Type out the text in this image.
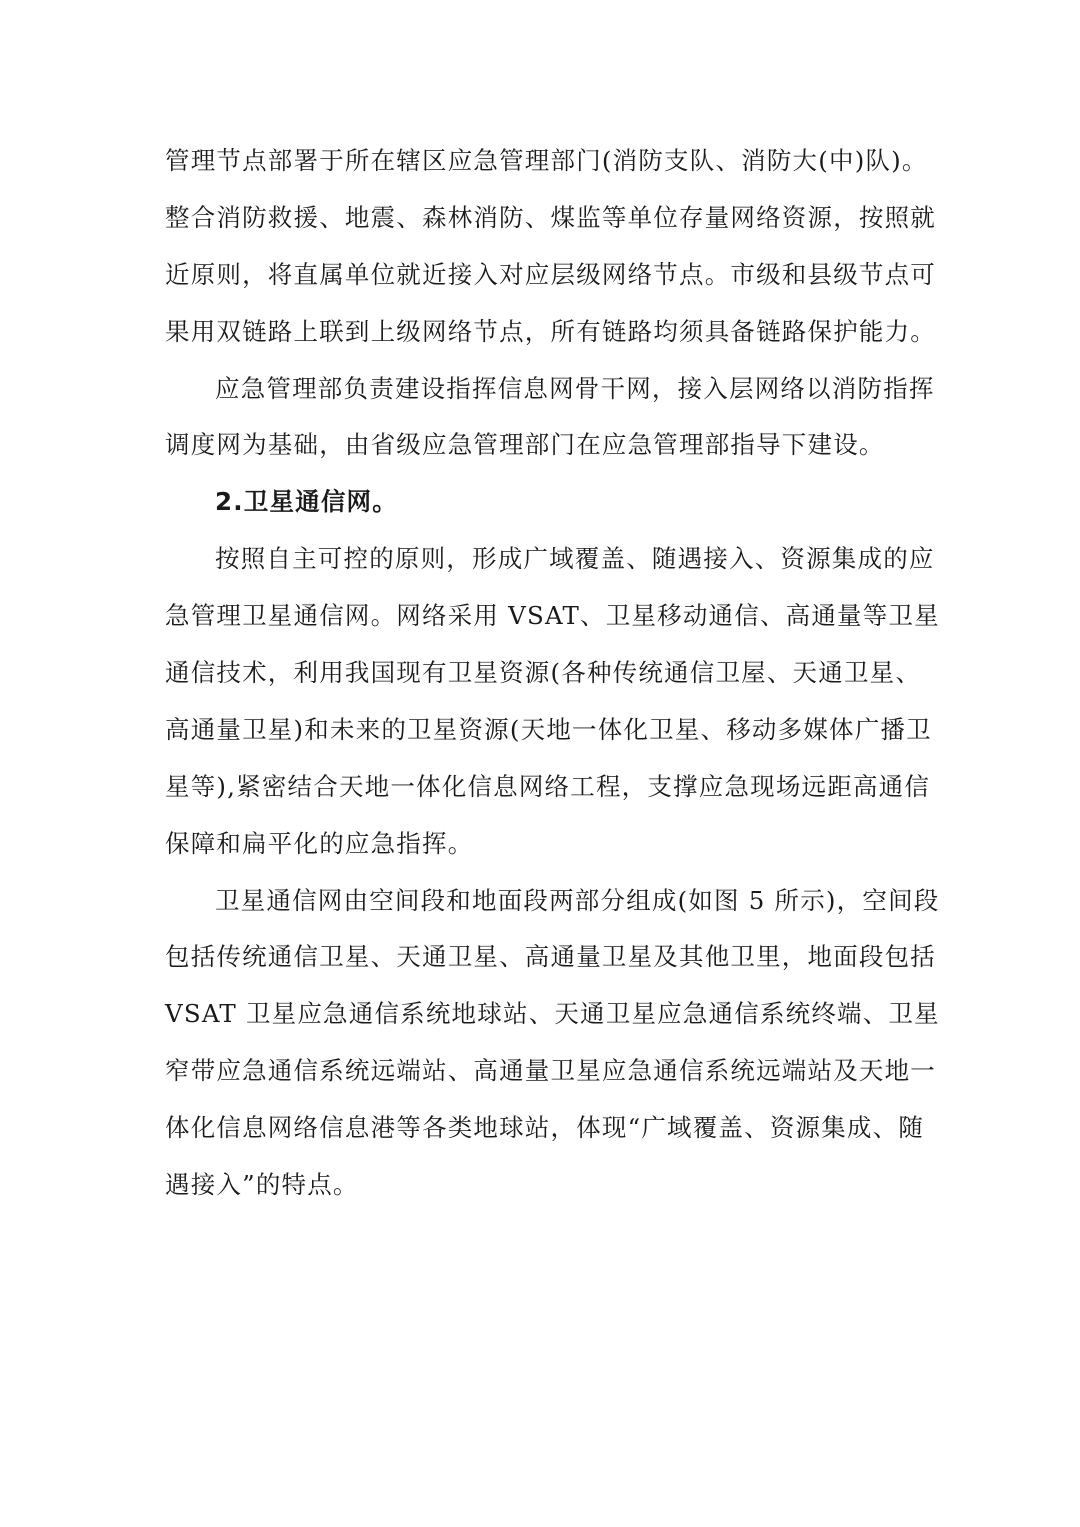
管理节点部署于所在辖区应急管理部门(消防支队、消防大(中)队)。
整合消防救援、地震、森林消防、煤监等单位存量网络资源，按照就
近原则，将直属单位就近接入对应层级网络节点。市级和县级节点可
果用双链路上联到上级网络节点，所有链路均须具备链路保护能力。
应急管理部负责建设指挥信息网骨干网，接入层网络以消防指挥
调度网为基础，由省级应急管理部门在应急管理部指导下建设。
2.卫星通信网。
按照自主可控的原则，形成广域覆盖、随遇接入、资源集成的应
急管理卫星通信网。网络采用 VSAT、卫星移动通信、高通量等卫星
通信技术，利用我国现有卫星资源(各种传统通信卫屋、天通卫星、
高通量卫星)和未来的卫星资源(天地一体化卫星、移动多媒体广播卫
星等),紧密结合天地一体化信息网络工程，支撑应急现场远距高通信
保障和扁平化的应急指挥。
卫星通信网由空间段和地面段两部分组成(如图 5 所示)，空间段
包括传统通信卫星、天通卫星、高通量卫星及其他卫里，地面段包括
VSAT 卫星应急通信系统地球站、天通卫星应急通信系统终端、卫星
窄带应急通信系统远端站、高通量卫星应急通信系统远端站及天地一
体化信息网络信息港等各类地球站，体现“广域覆盖、资源集成、随
遇接入”的特点。
